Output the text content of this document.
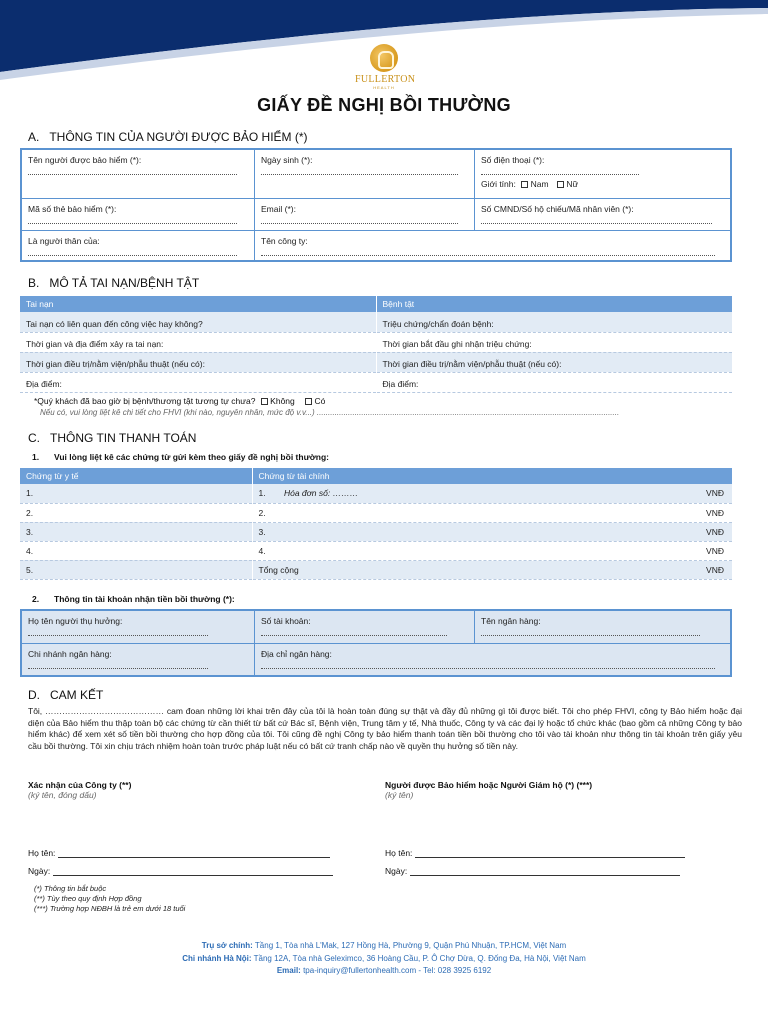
FULLERTON
HEALTH
GIẤY ĐỀ NGHỊ BỒI THƯỜNG
A. THÔNG TIN CỦA NGƯỜI ĐƯỢC BẢO HIỂM (*)
Tên người được bảo hiểm (*):	Ngày sinh (*):	Số điện thoại (*):
Giới tính: Nam Nữ
Mã số thẻ bảo hiểm (*):	Email (*):	Số CMND/Số hộ chiếu/Mã nhân viên (*):
Là người thân của:	Tên công ty:
B. MÔ TẢ TAI NẠN/BỆNH TẬT
Tai nạn	Bệnh tật
Tai nạn có liên quan đến công việc hay không?	Triệu chứng/chẩn đoán bệnh:
Thời gian và địa điểm xảy ra tai nạn:	Thời gian bắt đầu ghi nhận triệu chứng:
Thời gian điều trị/nằm viện/phẫu thuật (nếu có):	Thời gian điều trị/nằm viện/phẫu thuật (nếu có):
Địa điểm:	Địa điểm:
*Quý khách đã bao giờ bị bệnh/thương tật tương tự chưa? Không Có
Nếu có, vui lòng liệt kê chi tiết cho FHVI (khi nào, nguyên nhân, mức độ v.v...) ........................................................................................................................................
C. THÔNG TIN THANH TOÁN
1. Vui lòng liệt kê các chứng từ gửi kèm theo giấy đề nghị bồi thường:
Chứng từ y tế	Chứng từ tài chính
1.	1. Hóa đơn số: ……… VNĐ

2.	2. VNĐ

3.	3. VNĐ

4.	4. VNĐ

5.	Tổng cộng VNĐ
2. Thông tin tài khoản nhận tiền bồi thường (*):
Họ tên người thụ hưởng:	Số tài khoản:	Tên ngân hàng:
Chi nhánh ngân hàng:	Địa chỉ ngân hàng:
D. CAM KẾT
Tôi, …………………………………… cam đoan những lời khai trên đây của tôi là hoàn toàn đúng sự thật và đầy đủ những gì tôi được biết. Tôi cho phép FHVI, công ty Bảo hiểm hoặc đại diện của Bảo hiểm thu thập toàn bộ các chứng từ cần thiết từ bất cứ Bác sĩ, Bệnh viện, Trung tâm y tế, Nhà thuốc, Công ty và các đại lý hoặc tổ chức khác (bao gồm cả những Công ty bảo hiểm khác) để xem xét số tiền bồi thường cho hợp đồng của tôi. Tôi cũng đề nghị Công ty bảo hiểm thanh toán tiền bồi thường cho tôi vào tài khoản như thông tin tài khoản trên giấy yêu cầu bồi thường. Tôi xin chịu trách nhiệm hoàn toàn trước pháp luật nếu có bất cứ tranh chấp nào về quyền thụ hưởng số tiền này.
Xác nhận của Công ty (**)
(ký tên, đóng dấu)
Người được Bảo hiểm hoặc Người Giám hộ (*) (***)
(ký tên)
Họ tên:
Ngày:
Họ tên:
Ngày:
(*) Thông tin bắt buộc
(**) Tùy theo quy định Hợp đồng
(***) Trường hợp NĐBH là trẻ em dưới 18 tuổi
Trụ sở chính: Tầng 1, Tòa nhà L'Mak, 127 Hồng Hà, Phường 9, Quận Phú Nhuận, TP.HCM, Việt Nam
Chi nhánh Hà Nội: Tầng 12A, Tòa nhà Geleximco, 36 Hoàng Cầu, P. Ô Chợ Dừa, Q. Đống Đa, Hà Nội, Việt Nam
Email: tpa-inquiry@fullertonhealth.com - Tel: 028 3925 6192
